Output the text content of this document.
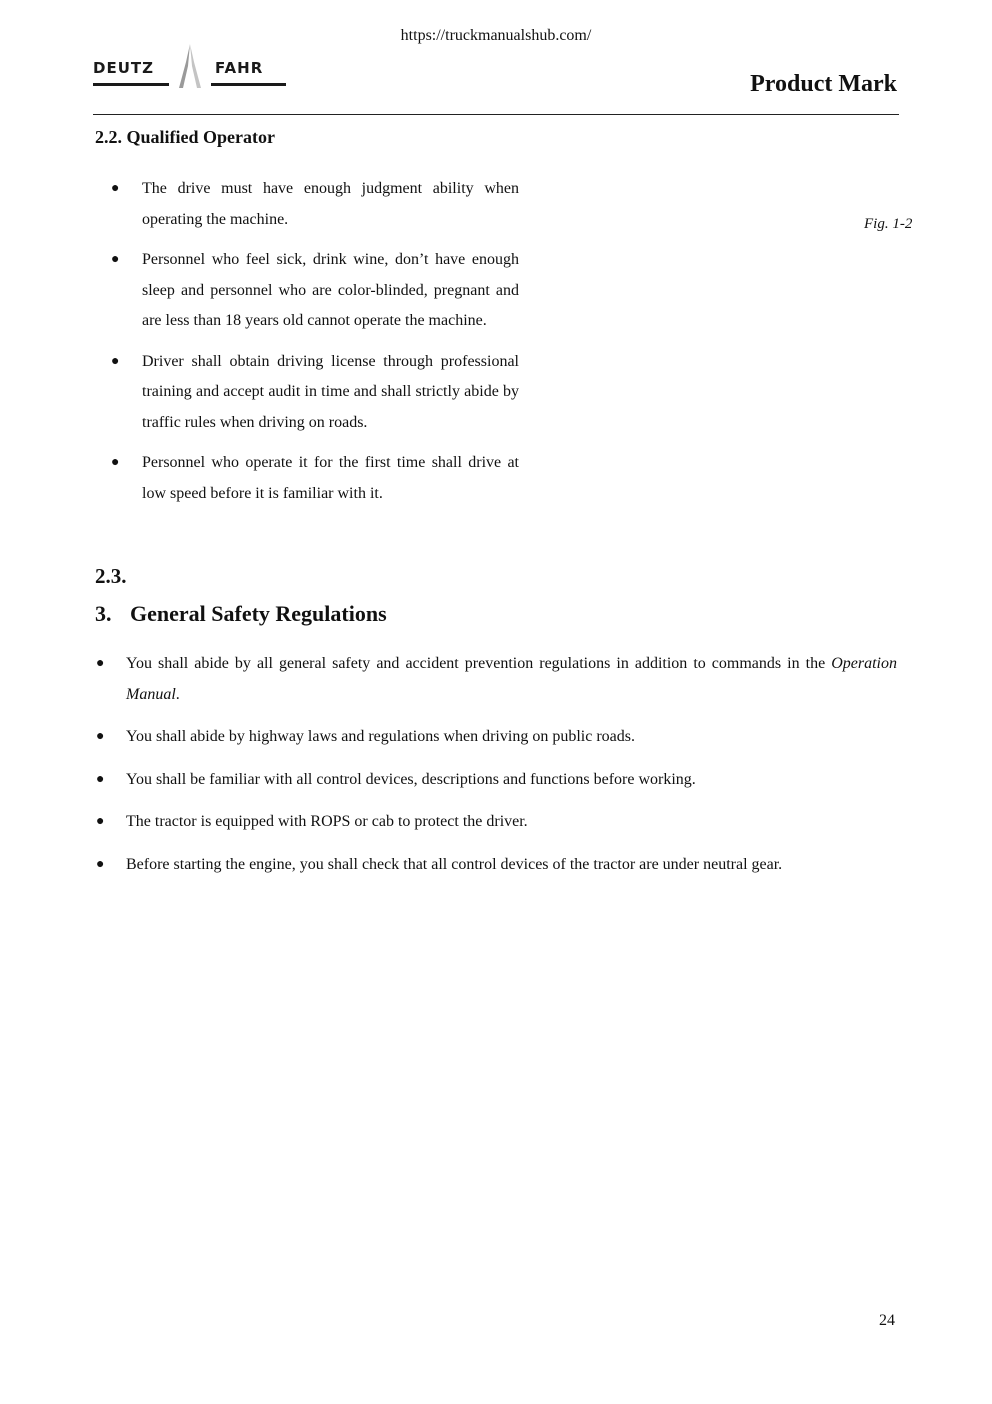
https://truckmanualshub.com/
DEUTZ	FAHR
Product Mark
2.2. Qualified Operator
Fig. 1-2
● The drive must have enough judgment ability when operating the machine.
● Personnel who feel sick, drink wine, don’t have enough sleep and personnel who are color-blinded, pregnant and are less than 18 years old cannot operate the machine.
● Driver shall obtain driving license through professional training and accept audit in time and shall strictly abide by traffic rules when driving on roads.
● Personnel who operate it for the first time shall drive at low speed before it is familiar with it.
2.3.
3. General Safety Regulations
● You shall abide by all general safety and accident prevention regulations in addition to commands in the Operation Manual.
● You shall abide by highway laws and regulations when driving on public roads.
● You shall be familiar with all control devices, descriptions and functions before working.
● The tractor is equipped with ROPS or cab to protect the driver.
● Before starting the engine, you shall check that all control devices of the tractor are under neutral gear.
24
